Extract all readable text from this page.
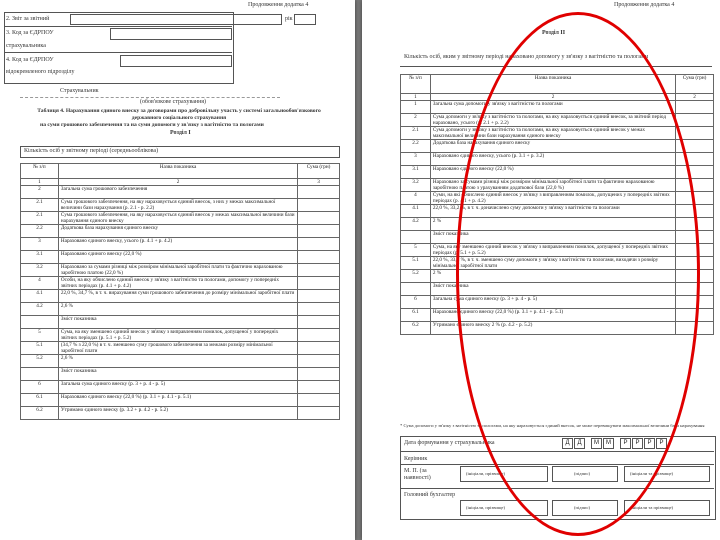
Продовження додатка 4
2. Звіт за звітний	рік
3. Код за ЄДРПОУ
страхувальника
4. Код за ЄДРПОУ
відокремленого підрозділу
Страхувальник
(обов'язкове страхування)
Таблиця 4. Нарахування єдиного внеску за договорами про добровільну участь у системі загальнообов'язкового державного соціального страхування
на суми грошового забезпечення та на суми допомоги у зв'язку з вагітністю та пологами
Розділ I
Кількість осіб у звітному періоді (середньооблікова)
№ з/п	Назва показника	Сума (грн)
1	2	3
2	Загальна сума грошового забезпечення	
2.1	Сума грошового забезпечення, на яку нараховується єдиний внесок, з них у межах максимальної величини бази нарахування (р. 2.1 - р. 2.2)	
2.1	Сума грошового забезпечення, на яку нараховується єдиний внесок у межах максимальної величини бази нарахування єдиного внеску	
2.2	Додаткова база нарахування єдиного внеску	
3	Нараховано єдиного внеску, усього (р. 4.1 + р. 4.2)	
3.1	Нараховано єдиного внеску (22,0 %)	
3.2	Нараховано за сумами різниці між розміром мінімальної заробітної плати та фактично нарахованою заробітною платою (22,0 %)	
4	Особи, на яку обчислено єдиний внесок у зв'язку з вагітністю та пологами, допомогу у попередніх звітних періодах (р. 4.1 + р. 4.2)	
4.1	22,0 %, 34,7 %, в т. ч. вирахування суми грошового забезпечення до розміру мінімальної заробітної плати	
4.2	2,6 %	
	Зміст показника	
5	Сума, на яку зменшено єдиний внесок у зв'язку з виправленням помилок, допущеної у попередніх звітних періодах (р. 5.1 + р. 5.2)	
5.1	(34,7 % з 22,0 %) в т. ч. зменшено суму грошового забезпечення за межами розміру мінімальної заробітної плати	
5.2	2,6 %	
	Зміст показника	
6	Загальна сума єдиного внеску (р. 3 + р. 4 - р. 5)	
6.1	Нараховано єдиного внеску (22,0 %) (р. 3.1 + р. 4.1 - р. 5.1)	
6.2	Утримано єдиного внеску (р. 3.2 + р. 4.2 - р. 5.2)	
Продовження додатка 4
Розділ II
Кількість осіб, яким у звітному періоді нараховано допомогу у зв'язку з вагітністю та пологами
№ з/п	Назва показника	Сума (грн)
1	2	2
1	Загальна сума допомоги у зв'язку з вагітністю та пологами	
2	Сума допомоги у зв'язку з вагітністю та пологами, на яку нараховується єдиний внесок, за звітний період нараховано, усього (р. 2.1 + р. 2.2)	
2.1	Сума допомоги у зв'язку з вагітністю та пологами, на яку нараховується єдиний внесок у межах максимальної величини бази нарахування єдиного внеску	
2.2	Додаткова база нарахування єдиного внеску	
3	Нараховано єдиного внеску, усього (р. 3.1 + р. 3.2)	
3.1	Нараховано єдиного внеску (22,0 %)	
3.2	Нараховано за сумами різниці між розміром мінімальної заробітної плати та фактично нарахованою заробітною платою з урахуванням додаткової бази (22,0 %)	
4	Суми, на які обчислено єдиний внесок у зв'язку з виправленням помилок, допущених у попередніх звітних періодах (р. 4.1 + р. 4.2)	
4.1	22,0 %, 33,2 %, в т. ч. доначислено суму допомоги у зв'язку з вагітністю та пологами	
4.2	2 %	
	Зміст показника	
5	Сума, на яку зменшено єдиний внесок у зв'язку з виправленням помилок, допущеної у попередніх звітних періодах (р. 5.1 + р. 5.2)	
5.1	22,0 %, 33,2 %, в т. ч. зменшено суму допомоги у зв'язку з вагітністю та пологами, виходячи з розміру мінімальної заробітної плати	
5.2	2 %	
	Зміст показника	
6	Загальна сума єдиного внеску (р. 3 + р. 4 - р. 5)	
6.1	Нараховано єдиного внеску (22,0 %) (р. 3.1 + р. 4.1 - р. 5.1)	
6.2	Утримано єдиного внеску 2 % (р. 4.2 - р. 5.2)	
* Сума допомоги у зв'язку з вагітністю та пологами, на яку нараховується єдиний внесок, не може перевищувати максимальної величини бази нарахування
Дата формування у страхувальника	Д Д М М Р Р Р Р
Керівник
М. П. (за наявності)
Головний бухгалтер
(ініціали, прізвище)	(підпис)	(ініціали та прізвище)
(ініціали, прізвище)	(підпис)	(ініціали та прізвище)
